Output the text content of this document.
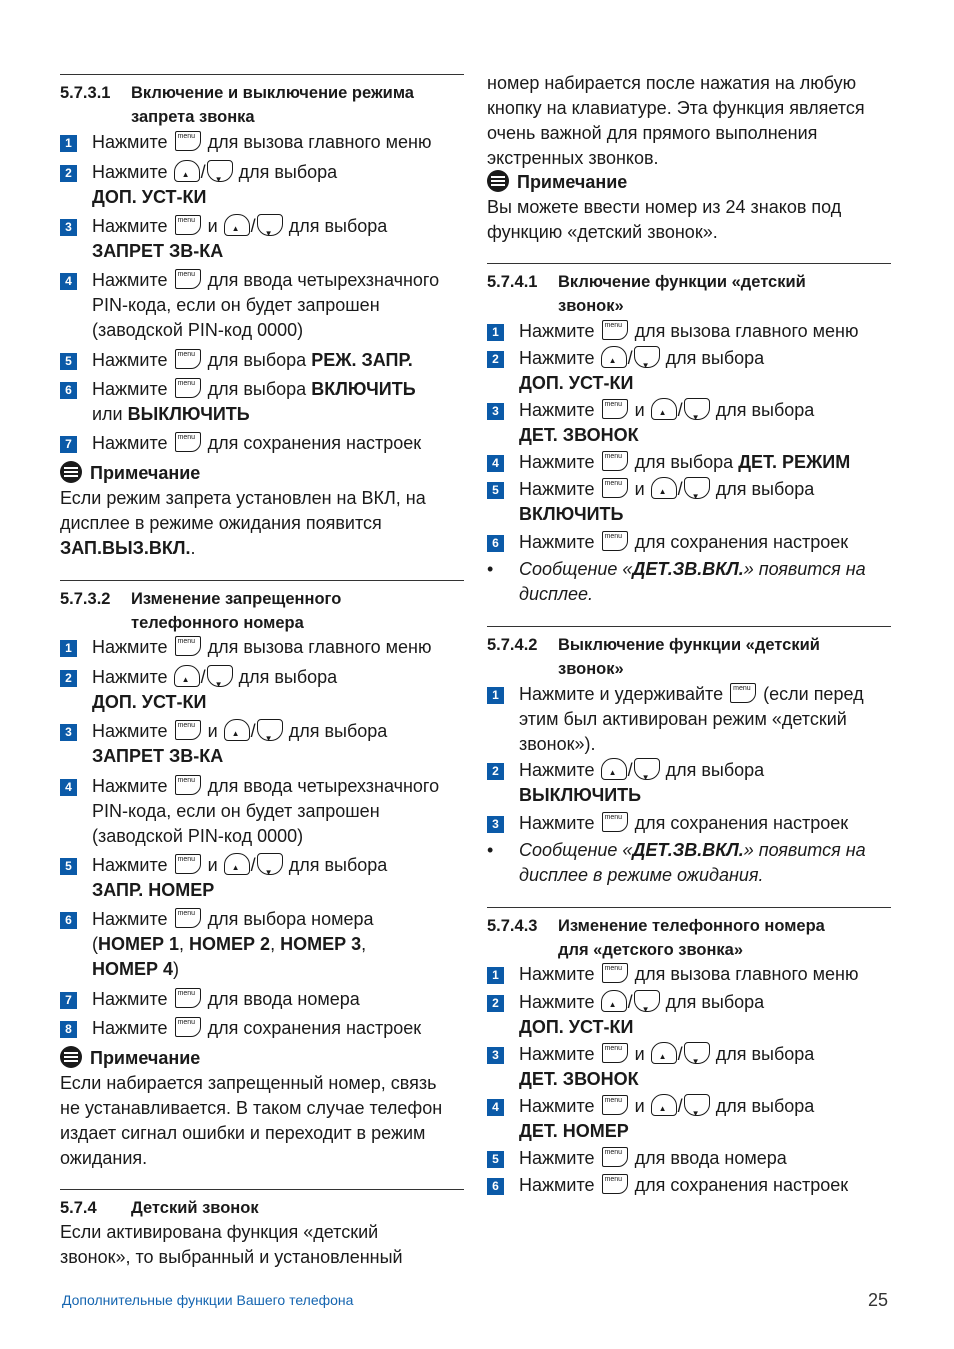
5.7.3.1 Включение и выключение режима
запрета звонка
1 Нажмите menu для вызова главного меню
2 Нажмите ▲ / ▼ для выбора
ДОП. УСТ-КИ
3 Нажмите menu и ▲ / ▼ для выбора
ЗАПРЕТ ЗВ-КА
4 Нажмите menu для ввода четырехзначного
PIN-кода, если он будет запрошен
(заводской PIN-код 0000)
5 Нажмите menu для выбора РЕЖ. ЗАПР.
6 Нажмите menu для выбора ВКЛЮЧИТЬ
или ВЫКЛЮЧИТЬ
7 Нажмите menu для сохранения настроек
Примечание
Если режим запрета установлен на ВКЛ, на
дисплее в режиме ожидания появится
ЗАП.ВЫЗ.ВКЛ..
5.7.3.2 Изменение запрещенного
телефонного номера
1 Нажмите menu для вызова главного меню
2 Нажмите ▲ / ▼ для выбора
ДОП. УСТ-КИ
3 Нажмите menu и ▲ / ▼ для выбора
ЗАПРЕТ ЗВ-КА
4 Нажмите menu для ввода четырехзначного
PIN-кода, если он будет запрошен
(заводской PIN-код 0000)
5 Нажмите menu и ▲ / ▼ для выбора
ЗАПР. НОМЕР
6 Нажмите menu для выбора номера
(НОМЕР 1, НОМЕР 2, НОМЕР 3,
НОМЕР 4)
7 Нажмите menu для ввода номера
8 Нажмите menu для сохранения настроек
Примечание
Если набирается запрещенный номер, связь
не устанавливается. В таком случае телефон
издает сигнал ошибки и переходит в режим
ожидания.
5.7.4 Детский звонок
Если активирована функция «детский
звонок», то выбранный и установленный
номер набирается после нажатия на любую
кнопку на клавиатуре. Эта функция является
очень важной для прямого выполнения
экстренных звонков.
Примечание
Вы можете ввести номер из 24 знаков под
функцию «детский звонок».
5.7.4.1 Включение функции «детский
звонок»
1 Нажмите menu для вызова главного меню
2 Нажмите ▲ / ▼ для выбора
ДОП. УСТ-КИ
3 Нажмите menu и ▲ / ▼ для выбора
ДЕТ. ЗВОНОК
4 Нажмите menu для выбора ДЕТ. РЕЖИМ
5 Нажмите menu и ▲ / ▼ для выбора
ВКЛЮЧИТЬ
6 Нажмите menu для сохранения настроек
• Сообщение «ДЕТ.ЗВ.ВКЛ.» появится на
дисплее.
5.7.4.2 Выключение функции «детский
звонок»
1 Нажмите и удерживайте menu (если перед
этим был активирован режим «детский
звонок»).
2 Нажмите ▲ / ▼ для выбора
ВЫКЛЮЧИТЬ
3 Нажмите menu для сохранения настроек
• Сообщение «ДЕТ.ЗВ.ВКЛ.» появится на
дисплее в режиме ожидания.
5.7.4.3 Изменение телефонного номера
для «детского звонка»
1 Нажмите menu для вызова главного меню
2 Нажмите ▲ / ▼ для выбора
ДОП. УСТ-КИ
3 Нажмите menu и ▲ / ▼ для выбора
ДЕТ. ЗВОНОК
4 Нажмите menu и ▲ / ▼ для выбора
ДЕТ. НОМЕР
5 Нажмите menu для ввода номера
6 Нажмите menu для сохранения настроек
Дополнительные функции Вашего телефона	25
